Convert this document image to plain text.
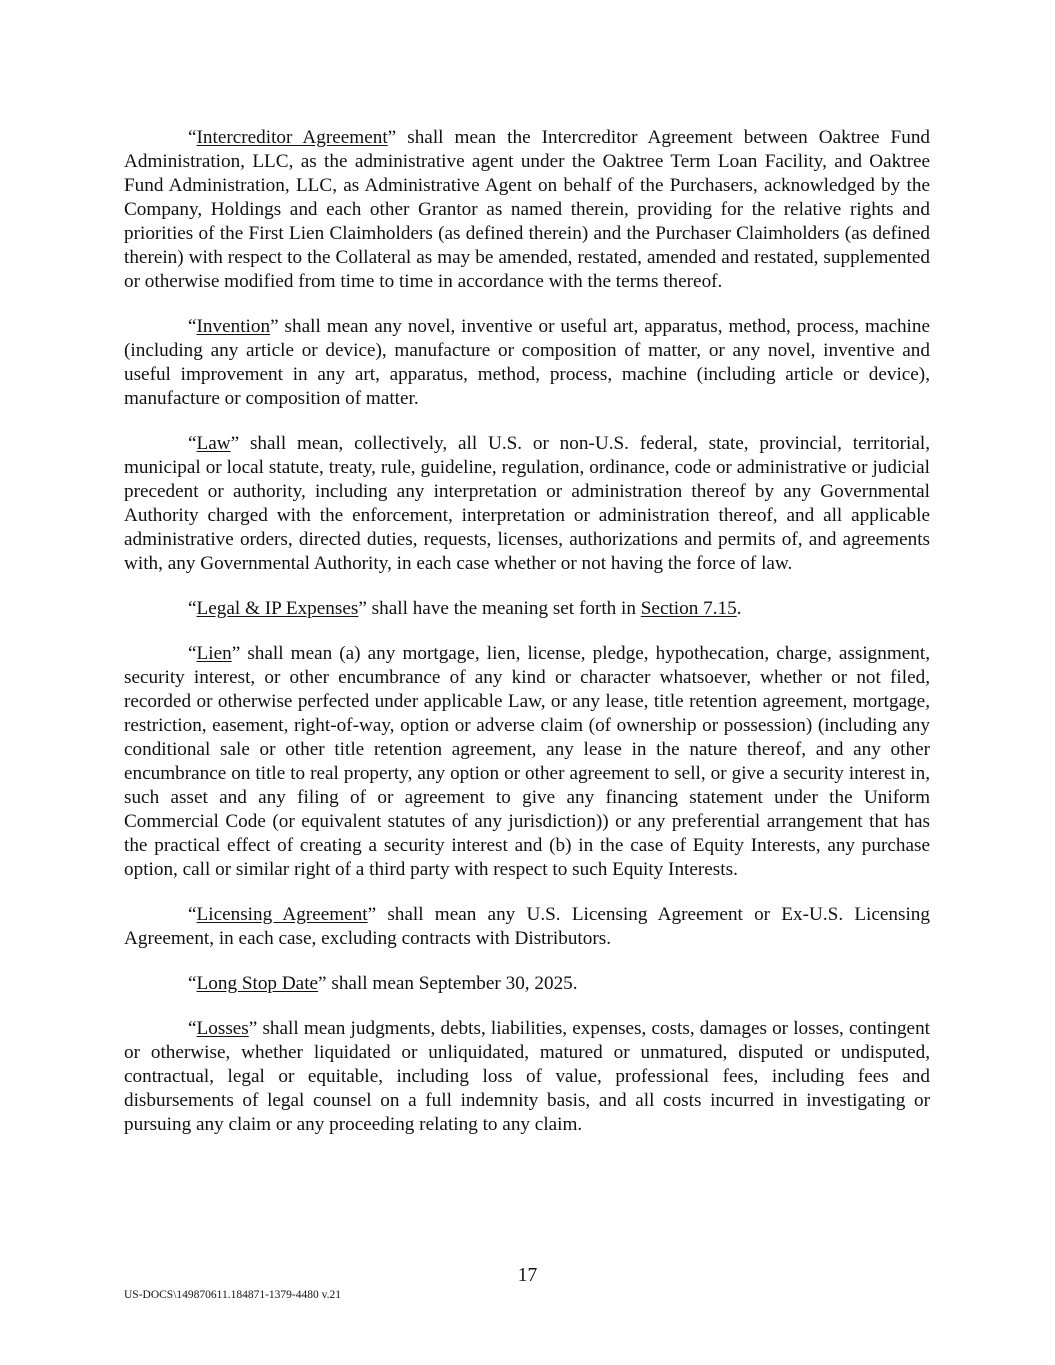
“Intercreditor Agreement” shall mean the Intercreditor Agreement between Oaktree Fund Administration, LLC, as the administrative agent under the Oaktree Term Loan Facility, and Oaktree Fund Administration, LLC, as Administrative Agent on behalf of the Purchasers, acknowledged by the Company, Holdings and each other Grantor as named therein, providing for the relative rights and priorities of the First Lien Claimholders (as defined therein) and the Purchaser Claimholders (as defined therein) with respect to the Collateral as may be amended, restated, amended and restated, supplemented or otherwise modified from time to time in accordance with the terms thereof.

“Invention” shall mean any novel, inventive or useful art, apparatus, method, process, machine (including any article or device), manufacture or composition of matter, or any novel, inventive and useful improvement in any art, apparatus, method, process, machine (including article or device), manufacture or composition of matter.

“Law” shall mean, collectively, all U.S. or non-U.S. federal, state, provincial, territorial, municipal or local statute, treaty, rule, guideline, regulation, ordinance, code or administrative or judicial precedent or authority, including any interpretation or administration thereof by any Governmental Authority charged with the enforcement, interpretation or administration thereof, and all applicable administrative orders, directed duties, requests, licenses, authorizations and permits of, and agreements with, any Governmental Authority, in each case whether or not having the force of law.

“Legal & IP Expenses” shall have the meaning set forth in Section 7.15.

“Lien” shall mean (a) any mortgage, lien, license, pledge, hypothecation, charge, assignment, security interest, or other encumbrance of any kind or character whatsoever, whether or not filed, recorded or otherwise perfected under applicable Law, or any lease, title retention agreement, mortgage, restriction, easement, right-of-way, option or adverse claim (of ownership or possession) (including any conditional sale or other title retention agreement, any lease in the nature thereof, and any other encumbrance on title to real property, any option or other agreement to sell, or give a security interest in, such asset and any filing of or agreement to give any financing statement under the Uniform Commercial Code (or equivalent statutes of any jurisdiction)) or any preferential arrangement that has the practical effect of creating a security interest and (b) in the case of Equity Interests, any purchase option, call or similar right of a third party with respect to such Equity Interests.

“Licensing Agreement” shall mean any U.S. Licensing Agreement or Ex-U.S. Licensing Agreement, in each case, excluding contracts with Distributors.

“Long Stop Date” shall mean September 30, 2025.

“Losses” shall mean judgments, debts, liabilities, expenses, costs, damages or losses, contingent or otherwise, whether liquidated or unliquidated, matured or unmatured, disputed or undisputed, contractual, legal or equitable, including loss of value, professional fees, including fees and disbursements of legal counsel on a full indemnity basis, and all costs incurred in investigating or pursuing any claim or any proceeding relating to any claim.

17
US-DOCS\149870611.184871-1379-4480 v.21
